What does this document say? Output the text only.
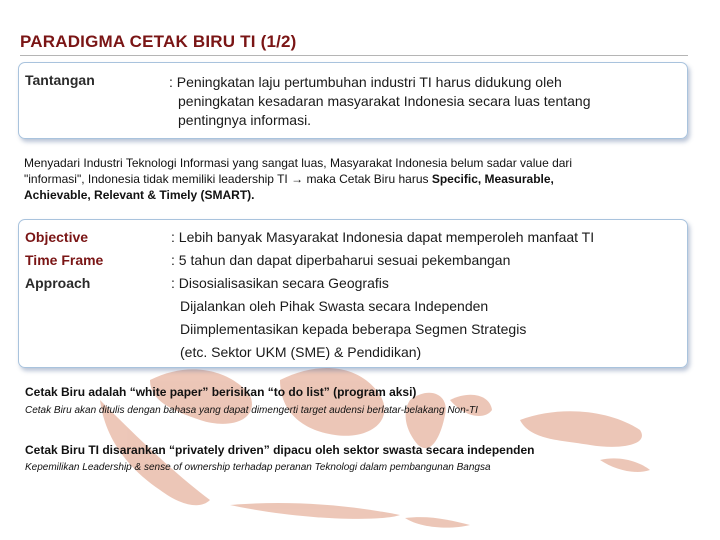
PARADIGMA CETAK BIRU TI (1/2)
Tantangan	: Peningkatan laju pertumbuhan industri TI harus didukung oleh
peningkatan kesadaran masyarakat Indonesia secara luas tentang
pentingnya informasi.
Menyadari Industri Teknologi Informasi yang sangat luas, Masyarakat Indonesia belum sadar value dari
"informasi", Indonesia tidak memiliki leadership TI → maka Cetak Biru harus Specific, Measurable,
Achievable, Relevant & Timely (SMART).
Objective
Time Frame
Approach
: Lebih banyak Masyarakat Indonesia dapat memperoleh manfaat TI
: 5 tahun dan dapat diperbaharui sesuai pekembangan
: Disosialisasikan secara Geografis
Dijalankan oleh Pihak Swasta secara Independen
Diimplementasikan kepada beberapa Segmen Strategis
(etc. Sektor UKM (SME) & Pendidikan)
Cetak Biru adalah “white paper” berisikan “to do list” (program aksi)
Cetak Biru akan ditulis dengan bahasa yang dapat dimengerti target audensi berlatar-belakang Non-TI
Cetak Biru TI disarankan “privately driven” dipacu oleh sektor swasta secara independen
Kepemilikan Leadership & sense of ownership terhadap peranan Teknologi dalam pembangunan Bangsa
